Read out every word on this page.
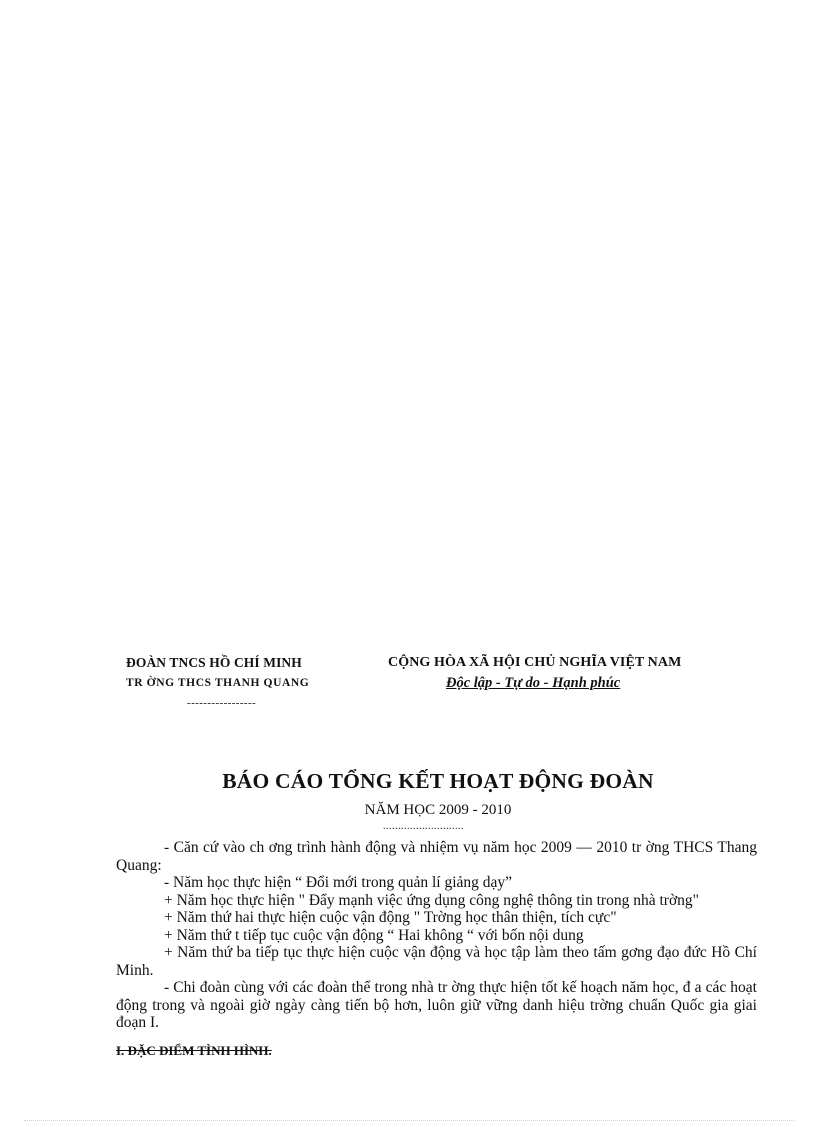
ĐOÀN TNCS HỒ CHÍ MINH
TR ỜNG THCS THANH QUANG
-----------------
CỘNG HÒA XÃ HỘI CHỦ NGHĨA VIỆT NAM
Độc lập - Tự do - Hạnh phúc
BÁO CÁO TỔNG KẾT HOẠT ĐỘNG ĐOÀN
NĂM HỌC 2009 - 2010
...........................

- Căn cứ vào ch ơng trình hành động và nhiệm vụ năm học 2009 — 2010 tr ờng THCS Thang Quang:

- Năm học thực hiện “ Đổi mới trong quản lí giảng dạy”

+ Năm học thực hiện " Đẩy mạnh việc ứng dụng công nghệ thông tin trong nhà trờng"

+ Năm thứ hai thực hiện cuộc vận động " Trờng học thân thiện, tích cực"

+ Năm thứ t tiếp tục cuộc vận động “ Hai không “ với bốn nội dung

+ Năm thứ ba tiếp tục thực hiện cuộc vận động và học tập làm theo tấm gơng đạo đức Hồ Chí Minh.

- Chi đoàn cùng với các đoàn thể trong nhà tr ờng thực hiện tốt kế hoạch năm học, đ a các hoạt động trong và ngoài giờ ngày càng tiến bộ hơn, luôn giữ vững danh hiệu trờng chuẩn Quốc gia giai đoạn I.

I. ĐẶC ĐIỂM TÌNH HÌNH.
